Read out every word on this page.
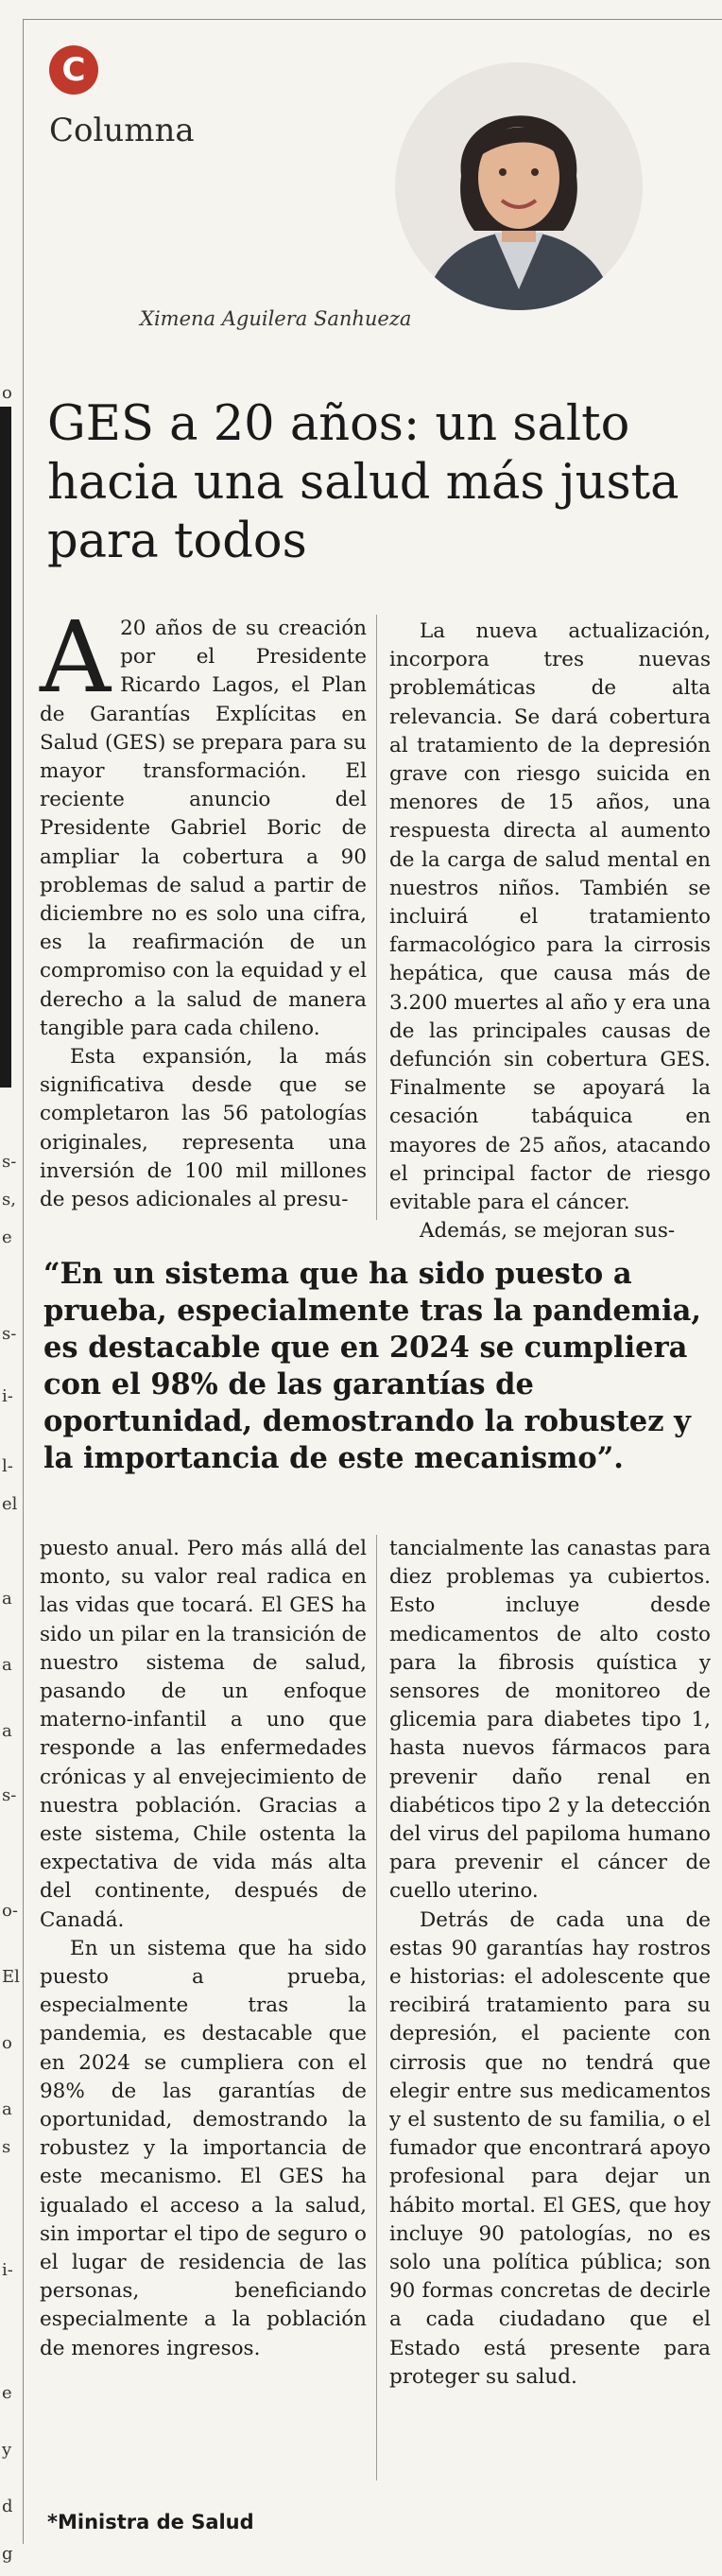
o
s-
s,
e
s-
i-
l-
el
a
a
a
s-
o-
El
o
a
s
i-
e
y
d
g
C
Columna
Ximena Aguilera Sanhueza
GES a 20 años: un salto hacia una salud más justa para todos

A 20 años de su creación por el Presidente Ricardo Lagos, el Plan de Garantías Explícitas en Salud (GES) se prepara para su mayor transformación. El reciente anuncio del Presidente Gabriel Boric de ampliar la cobertura a 90 problemas de salud a partir de diciembre no es solo una cifra, es la reafirmación de un compromiso con la equidad y el derecho a la salud de manera tangible para cada chileno.

Esta expansión, la más significativa desde que se completaron las 56 patologías originales, representa una inversión de 100 mil millones de pesos adicionales al presu-

La nueva actualización, incorpora tres nuevas problemáticas de alta relevancia. Se dará cobertura al tratamiento de la depresión grave con riesgo suicida en menores de 15 años, una respuesta directa al aumento de la carga de salud mental en nuestros niños. También se incluirá el tratamiento farmacológico para la cirrosis hepática, que causa más de 3.200 muertes al año y era una de las principales causas de defunción sin cobertura GES. Finalmente se apoyará la cesación tabáquica en mayores de 25 años, atacando el principal factor de riesgo evitable para el cáncer.

Además, se mejoran sus-

“En un sistema que ha sido puesto a prueba, especialmente tras la pandemia, es destacable que en 2024 se cumpliera con el 98% de las garantías de oportunidad, demostrando la robustez y la importancia de este mecanismo”.

puesto anual. Pero más allá del monto, su valor real radica en las vidas que tocará. El GES ha sido un pilar en la transición de nuestro sistema de salud, pasando de un enfoque materno-infantil a uno que responde a las enfermedades crónicas y al envejecimiento de nuestra población. Gracias a este sistema, Chile ostenta la expectativa de vida más alta del continente, después de Canadá.

En un sistema que ha sido puesto a prueba, especialmente tras la pandemia, es destacable que en 2024 se cumpliera con el 98% de las garantías de oportunidad, demostrando la robustez y la importancia de este mecanismo. El GES ha igualado el acceso a la salud, sin importar el tipo de seguro o el lugar de residencia de las personas, beneficiando especialmente a la población de menores ingresos.

tancialmente las canastas para diez problemas ya cubiertos. Esto incluye desde medicamentos de alto costo para la fibrosis quística y sensores de monitoreo de glicemia para diabetes tipo 1, hasta nuevos fármacos para prevenir daño renal en diabéticos tipo 2 y la detección del virus del papiloma humano para prevenir el cáncer de cuello uterino.

Detrás de cada una de estas 90 garantías hay rostros e historias: el adolescente que recibirá tratamiento para su depresión, el paciente con cirrosis que no tendrá que elegir entre sus medicamentos y el sustento de su familia, o el fumador que encontrará apoyo profesional para dejar un hábito mortal. El GES, que hoy incluye 90 patologías, no es solo una política pública; son 90 formas concretas de decirle a cada ciudadano que el Estado está presente para proteger su salud.

*Ministra de Salud
